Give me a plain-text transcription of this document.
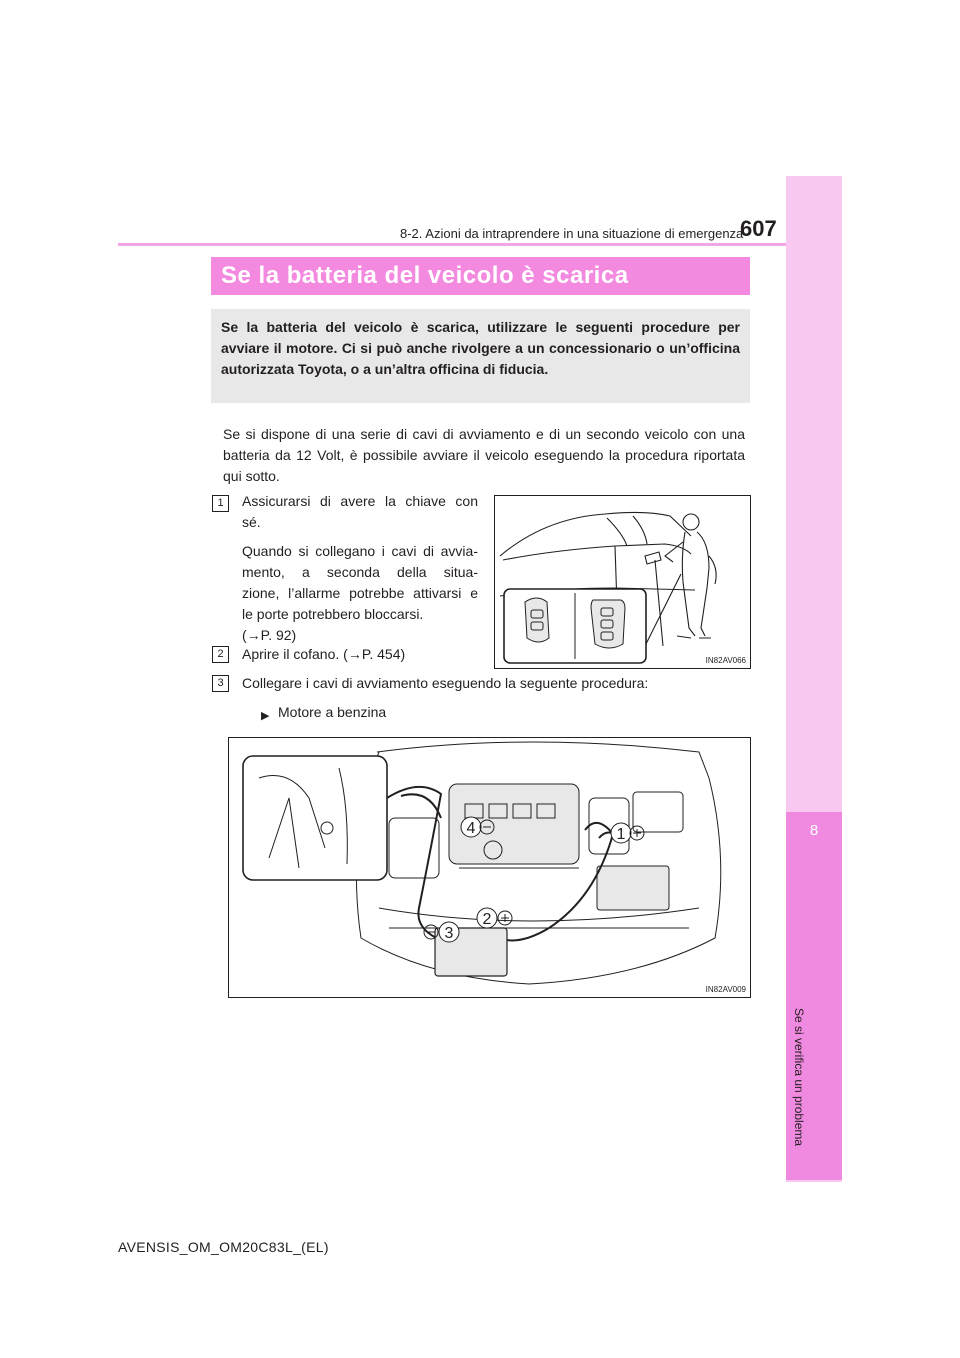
8
Se si verifica un problema
8-2. Azioni da intraprendere in una situazione di emergenza
607
Se la batteria del veicolo è scarica
Se la batteria del veicolo è scarica, utilizzare le seguenti procedure per avviare il motore. Ci si può anche rivolgere a un concessionario o un’officina autorizzata Toyota, o a un’altra officina di fiducia.
Se si dispone di una serie di cavi di avviamento e di un secondo veicolo con una batteria da 12 Volt, è possibile avviare il veicolo eseguendo la procedura riportata qui sotto.
1	Assicurarsi di avere la chiave con
sé.
Quando si collegano i cavi di avvia-
mento, a seconda della situa-
zione, l’allarme potrebbe attivarsi e
le porte potrebbero bloccarsi.
(→P. 92)
IN82AV066
2	Aprire il cofano. (→P. 454)
3	Collegare i cavi di avviamento eseguendo la seguente procedura:
▶ Motore a benzina
4	1
2
3
IN82AV009
AVENSIS_OM_OM20C83L_(EL)
